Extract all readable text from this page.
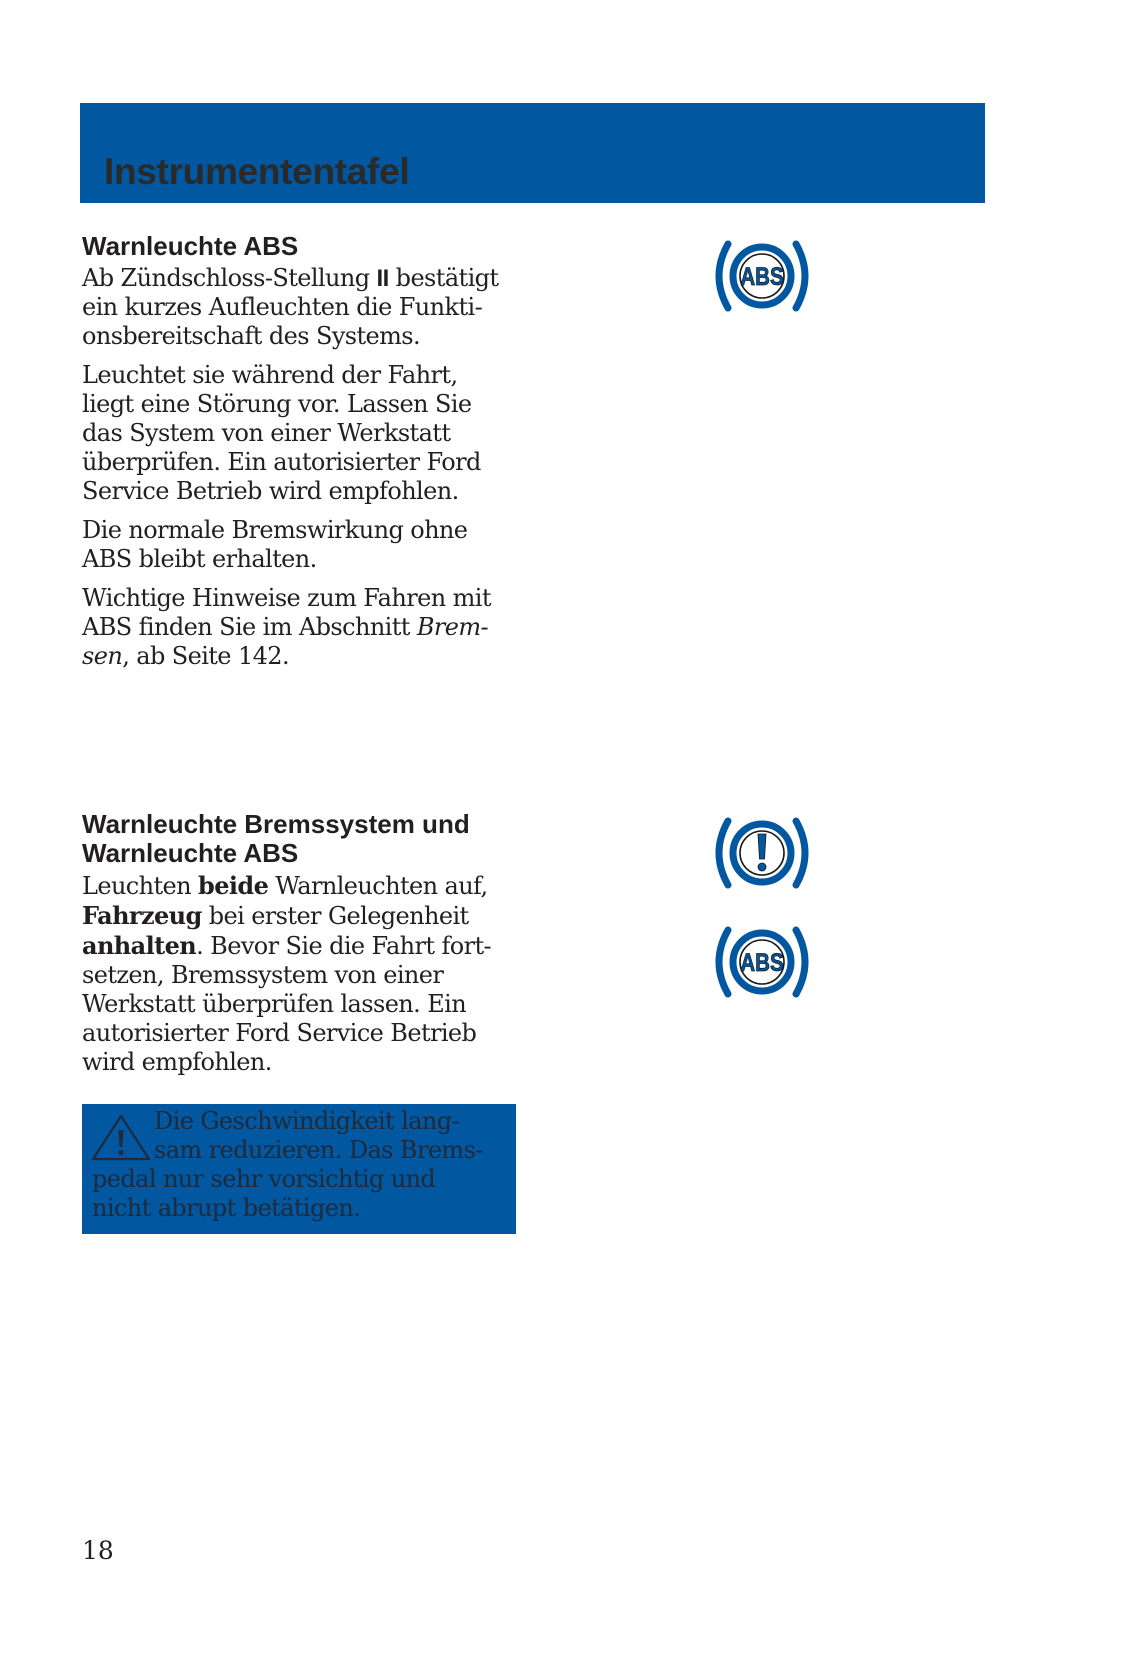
Instrumententafel
Warnleuchte ABS

Ab Zündschloss-Stellung II bestätigt
ein kurzes Aufleuchten die Funkti-
onsbereitschaft des Systems.

Leuchtet sie während der Fahrt,
liegt eine Störung vor. Lassen Sie
das System von einer Werkstatt
überprüfen. Ein autorisierter Ford
Service Betrieb wird empfohlen.

Die normale Bremswirkung ohne
ABS bleibt erhalten.

Wichtige Hinweise zum Fahren mit
ABS finden Sie im Abschnitt Brem-
sen, ab Seite 142.

Warnleuchte Bremssystem und
Warnleuchte ABS

Leuchten beide Warnleuchten auf,
Fahrzeug bei erster Gelegenheit
anhalten. Bevor Sie die Fahrt fort-
setzen, Bremssystem von einer
Werkstatt überprüfen lassen. Ein
autorisierter Ford Service Betrieb
wird empfohlen.

Die Geschwindigkeit lang-
sam reduzieren. Das Brems-
pedal nur sehr vorsichtig und
nicht abrupt betätigen.
ABS
ABS
18
